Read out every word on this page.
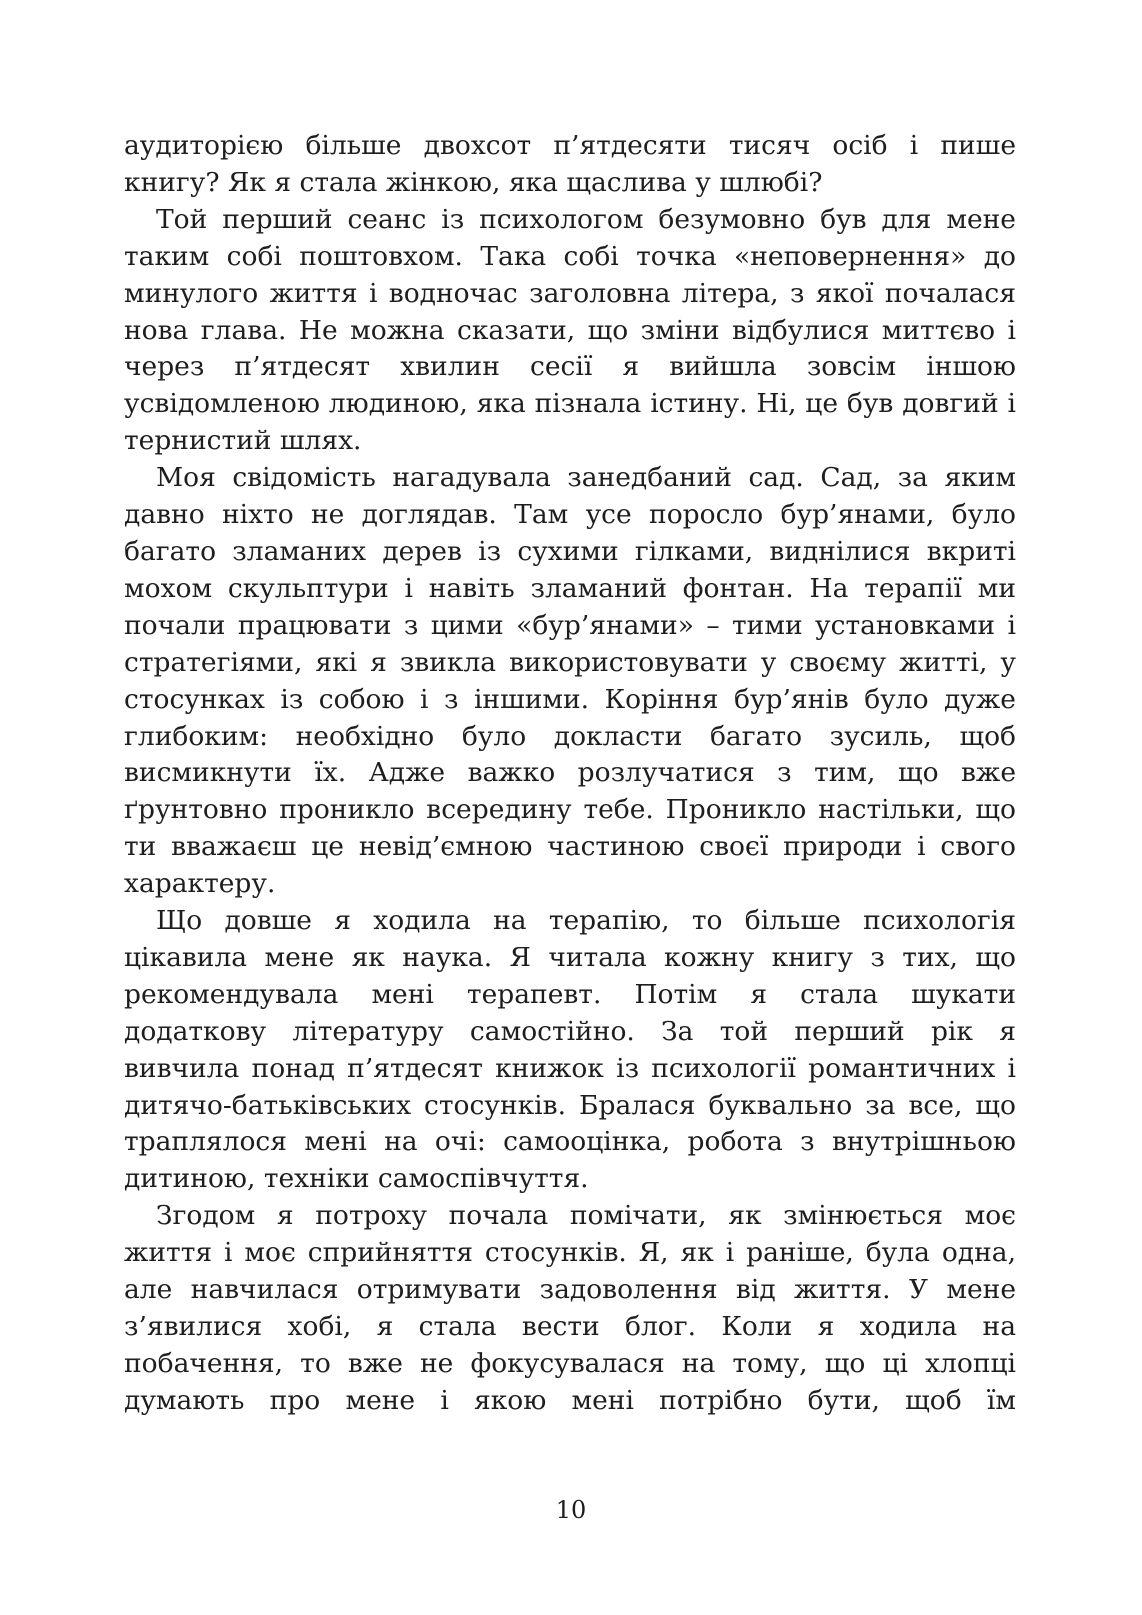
аудиторією більше двохсот п’ятдесяти тисяч осіб і пише
книгу? Як я стала жінкою, яка щаслива у шлюбі?
Той перший сеанс із психологом безумовно був для мене
таким собі поштовхом. Така собі точка «неповернення» до
минулого життя і водночас заголовна літера, з якої почалася
нова глава. Не можна сказати, що зміни відбулися миттєво і
через п’ятдесят хвилин сесії я вийшла зовсім іншою
усвідомленою людиною, яка пізнала істину. Ні, це був довгий і
тернистий шлях.
Моя свідомість нагадувала занедбаний сад. Сад, за яким
давно ніхто не доглядав. Там усе поросло бур’янами, було
багато зламаних дерев із сухими гілками, виднілися вкриті
мохом скульптури і навіть зламаний фонтан. На терапії ми
почали працювати з цими «бур’янами» – тими установками і
стратегіями, які я звикла використовувати у своєму житті, у
стосунках із собою і з іншими. Коріння бур’янів було дуже
глибоким: необхідно було докласти багато зусиль, щоб
висмикнути їх. Адже важко розлучатися з тим, що вже
ґрунтовно проникло всередину тебе. Проникло настільки, що
ти вважаєш це невід’ємною частиною своєї природи і свого
характеру.
Що довше я ходила на терапію, то більше психологія
цікавила мене як наука. Я читала кожну книгу з тих, що
рекомендувала мені терапевт. Потім я стала шукати
додаткову літературу самостійно. За той перший рік я
вивчила понад п’ятдесят книжок із психології романтичних і
дитячо-батьківських стосунків. Бралася буквально за все, що
траплялося мені на очі: самооцінка, робота з внутрішньою
дитиною, техніки самоспівчуття.
Згодом я потроху почала помічати, як змінюється моє
життя і моє сприйняття стосунків. Я, як і раніше, була одна,
але навчилася отримувати задоволення від життя. У мене
з’явилися хобі, я стала вести блог. Коли я ходила на
побачення, то вже не фокусувалася на тому, що ці хлопці
думають про мене і якою мені потрібно бути, щоб їм
10
